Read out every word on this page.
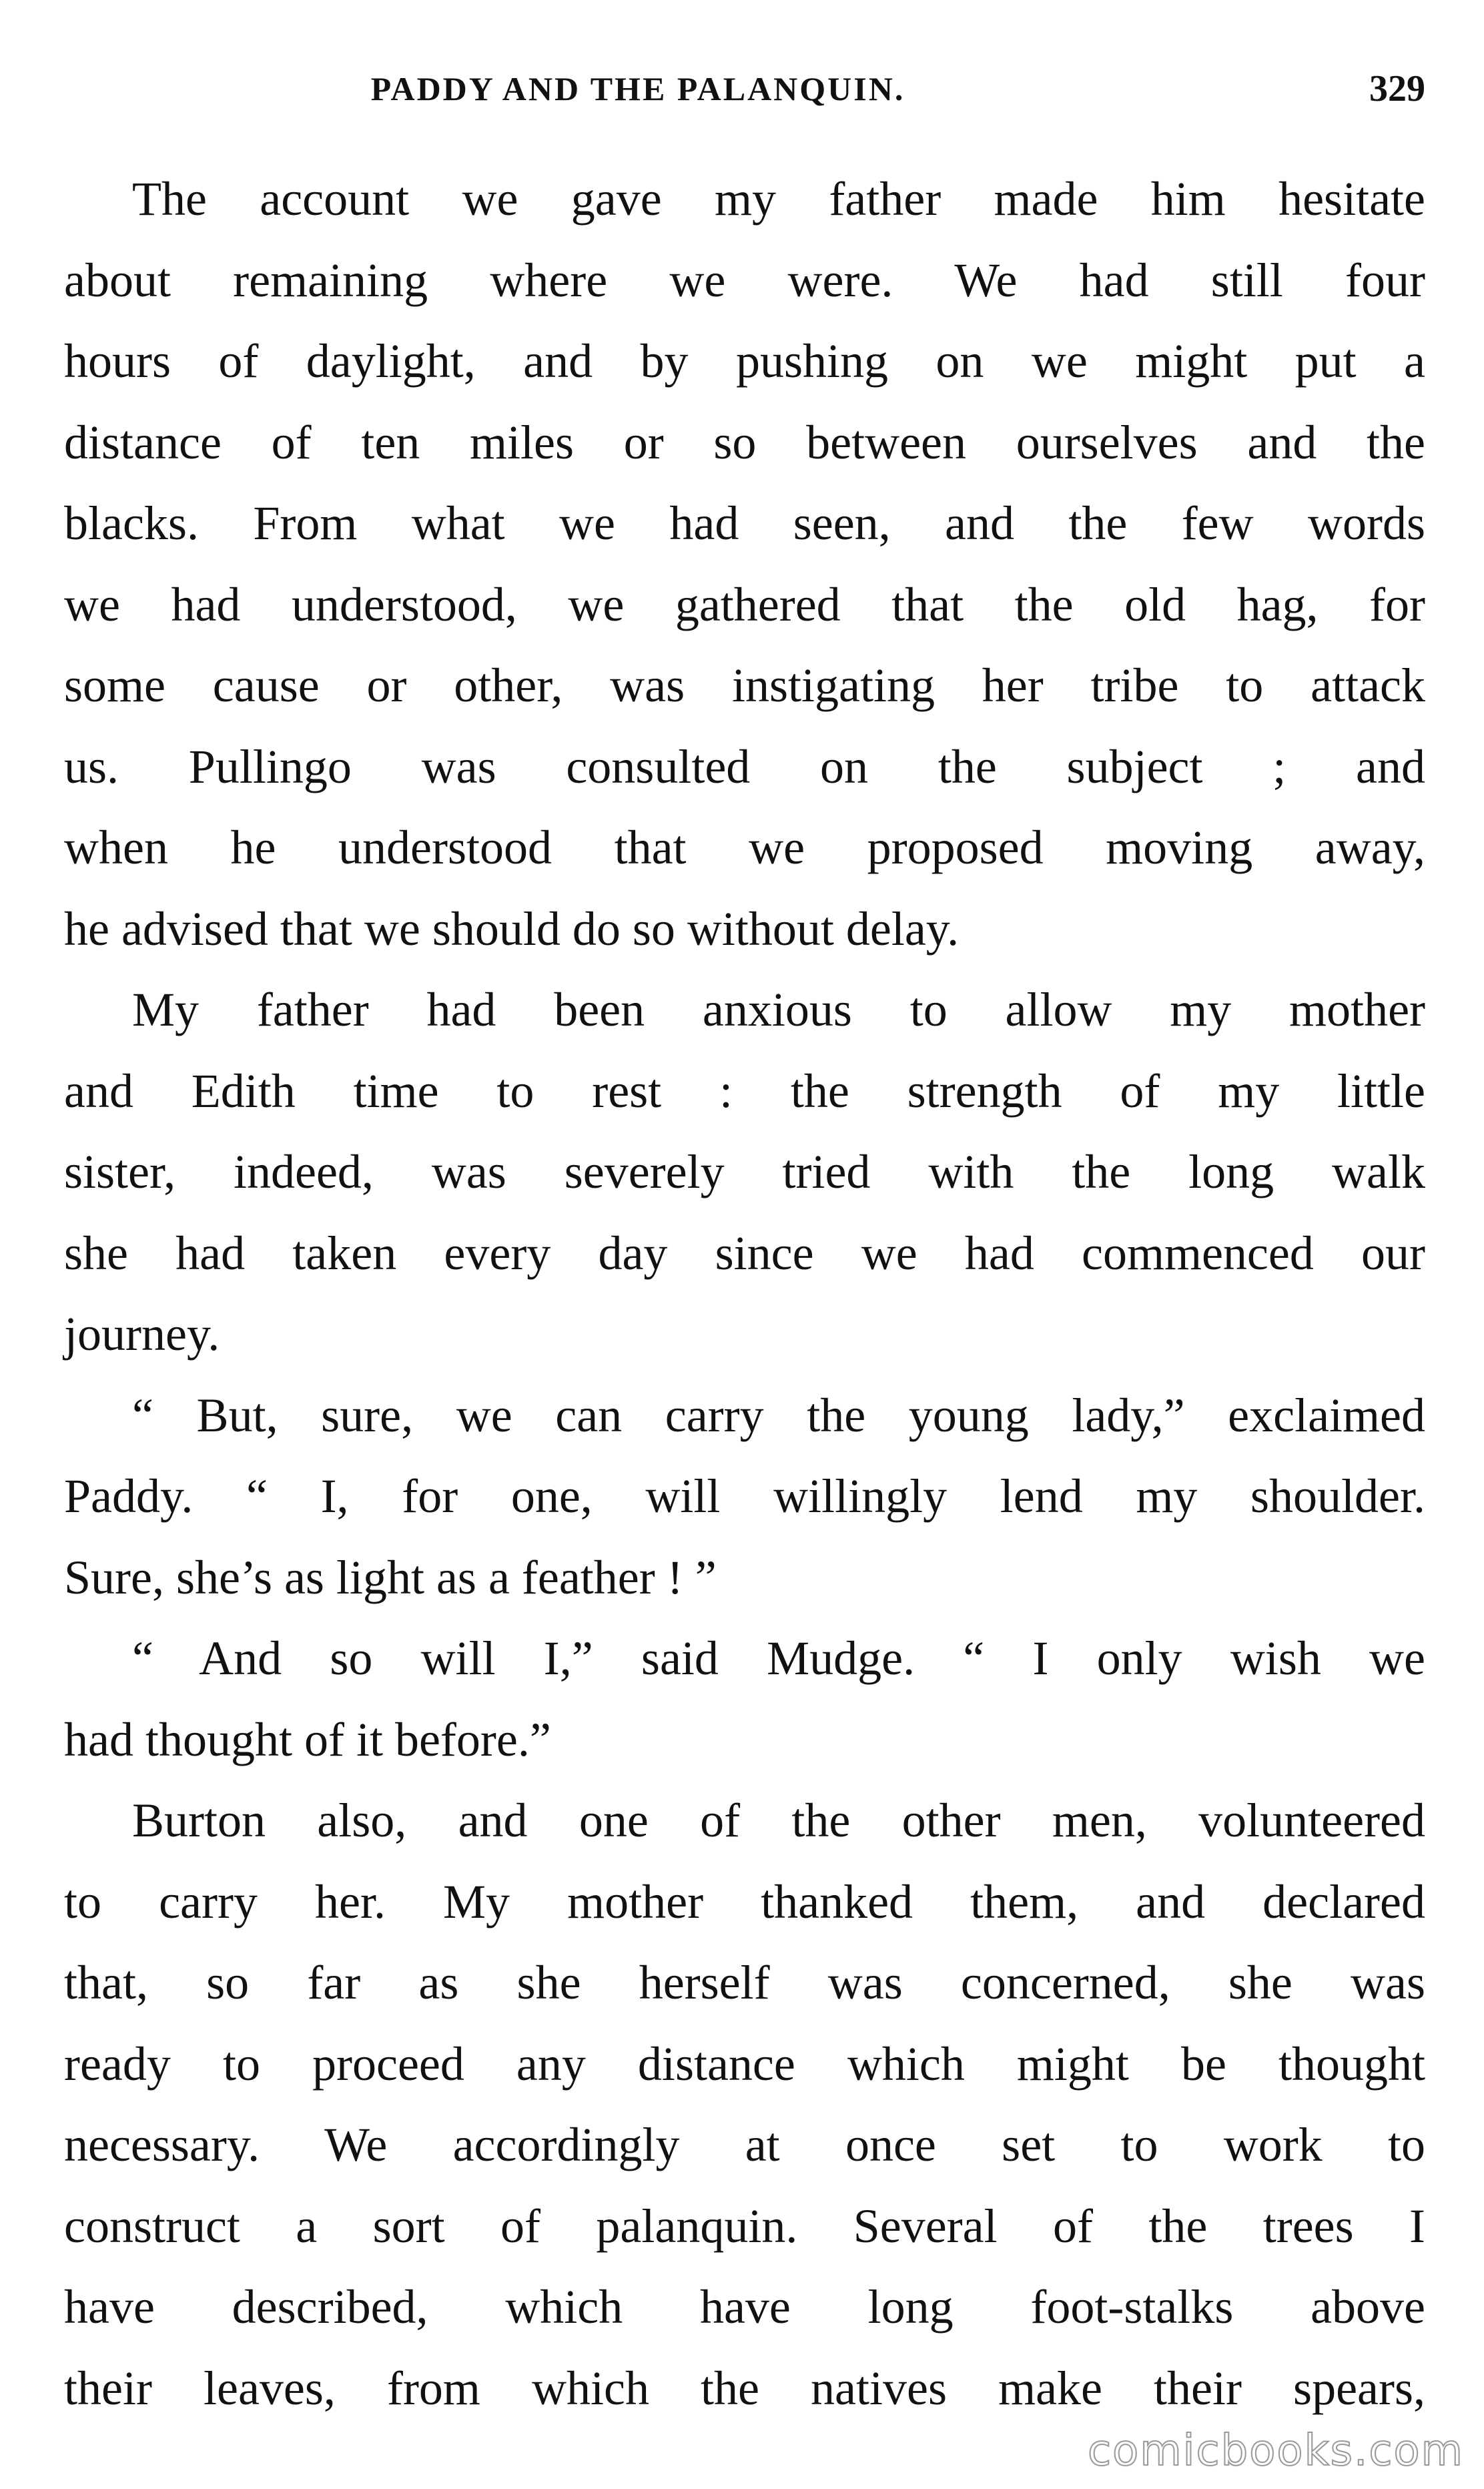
PADDY AND THE PALANQUIN.	329

The account we gave my father made him hesitate
about remaining where we were. We had still four
hours of daylight, and by pushing on we might put a
distance of ten miles or so between ourselves and the
blacks. From what we had seen, and the few words
we had understood, we gathered that the old hag, for
some cause or other, was instigating her tribe to attack
us. Pullingo was consulted on the subject ; and
when he understood that we proposed moving away,
he advised that we should do so without delay.

My father had been anxious to allow my mother
and Edith time to rest : the strength of my little
sister, indeed, was severely tried with the long walk
she had taken every day since we had commenced our
journey.

“ But, sure, we can carry the young lady,” exclaimed
Paddy. “ I, for one, will willingly lend my shoulder.
Sure, she’s as light as a feather ! ”

“ And so will I,” said Mudge. “ I only wish we
had thought of it before.”

Burton also, and one of the other men, volunteered
to carry her. My mother thanked them, and declared
that, so far as she herself was concerned, she was
ready to proceed any distance which might be thought
necessary. We accordingly at once set to work to
construct a sort of palanquin. Several of the trees I
have described, which have long foot-stalks above
their leaves, from which the natives make their spears,

comicbooks.com
